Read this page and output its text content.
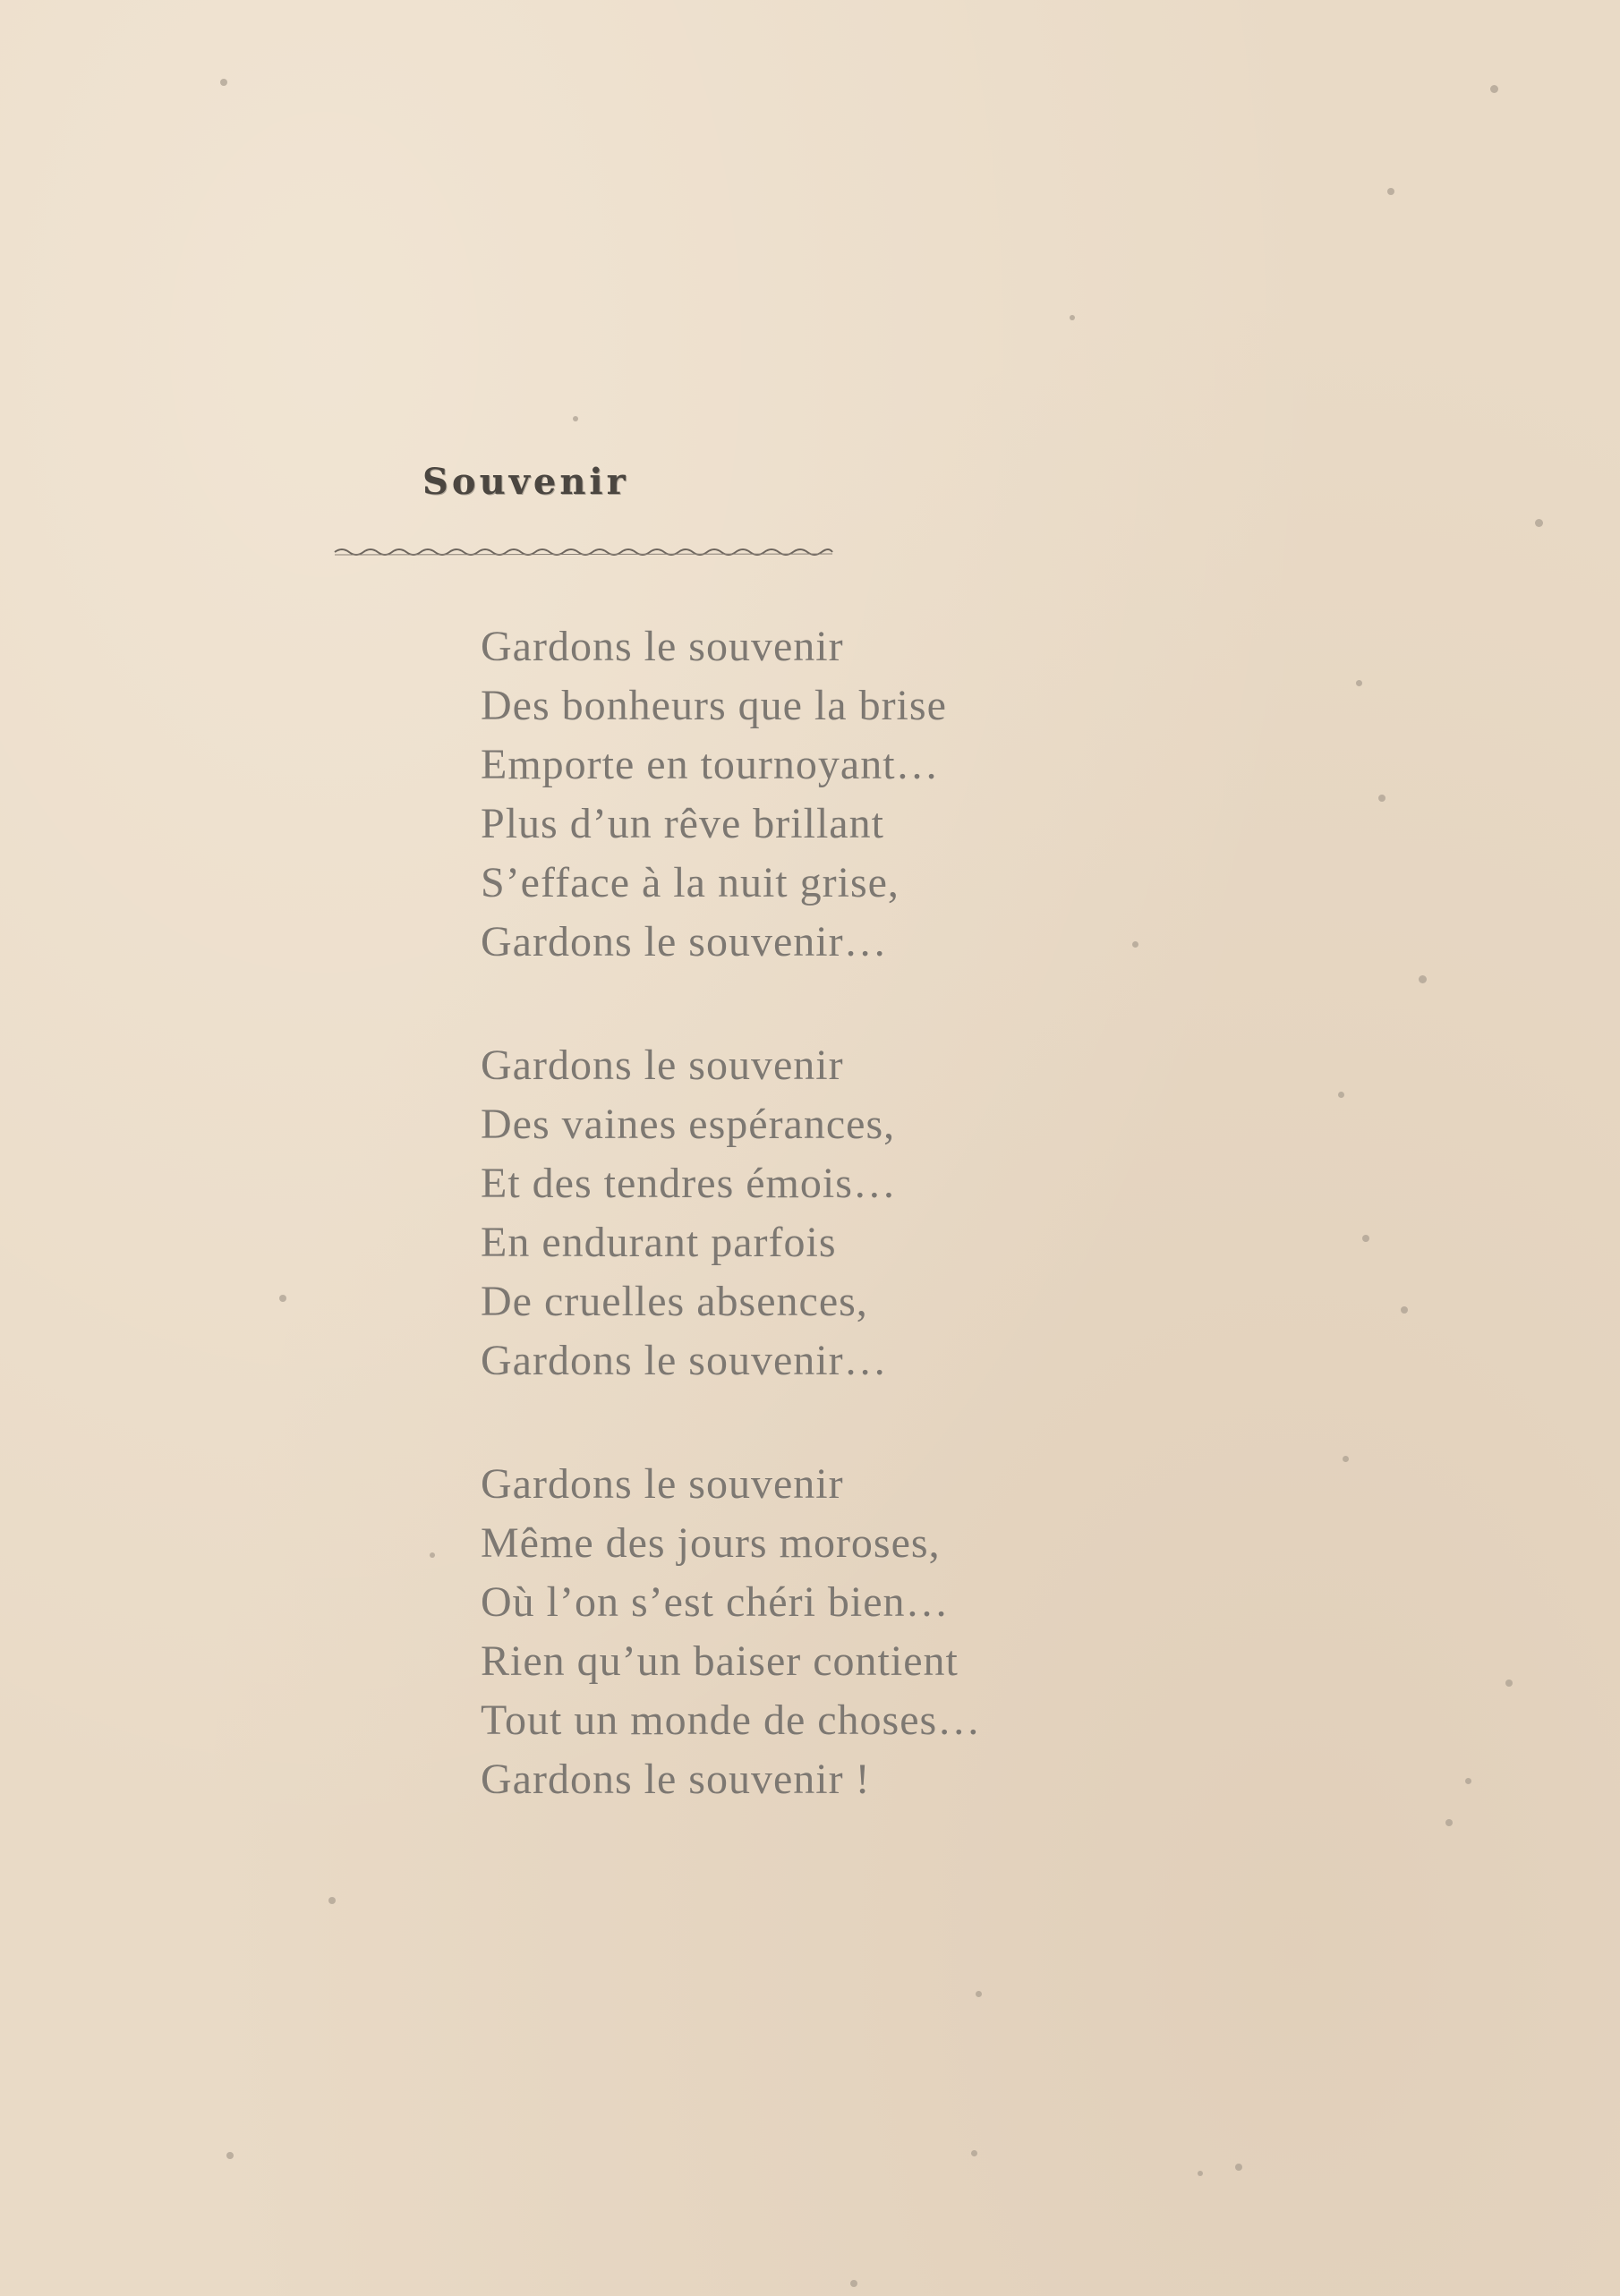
Souvenir
Gardons le souvenir
Des bonheurs que la brise
Emporte en tournoyant…
Plus d’un rêve brillant
S’efface à la nuit grise,
Gardons le souvenir…
Gardons le souvenir
Des vaines espérances,
Et des tendres émois…
En endurant parfois
De cruelles absences,
Gardons le souvenir…
Gardons le souvenir
Même des jours moroses,
Où l’on s’est chéri bien…
Rien qu’un baiser contient
Tout un monde de choses…
Gardons le souvenir !
